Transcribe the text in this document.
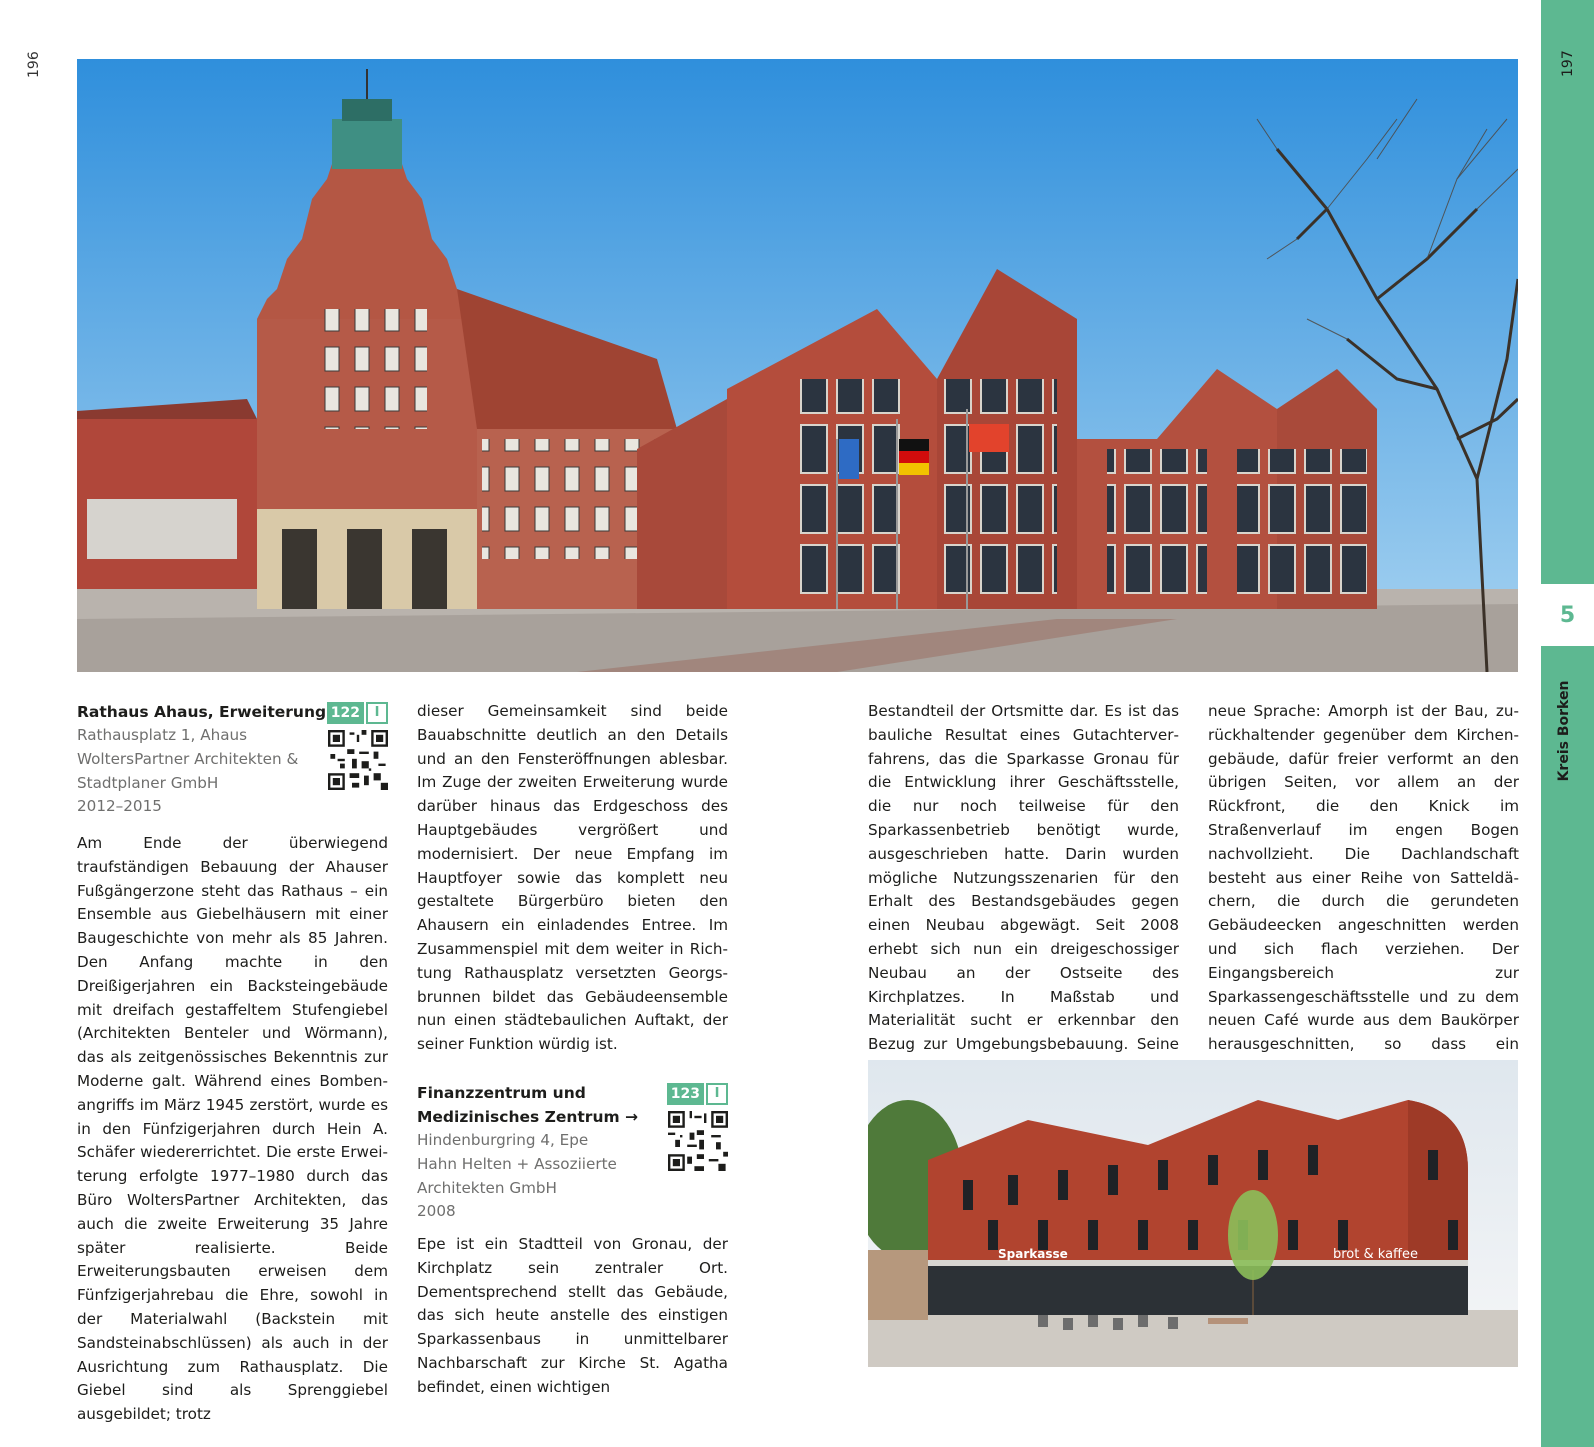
196	197
5
Kreis Borken
Rathaus Ahaus, Erweiterung
Rathausplatz 1, Ahaus
WoltersPartner Architekten &
Stadtplaner GmbH
2012–2015
122	I

Am Ende der überwiegend traufständigen Bebauung der Ahauser Fußgängerzone steht das Rathaus – ein Ensemble aus Giebelhäusern mit einer Baugeschichte von mehr als 85 Jahren. Den Anfang machte in den Dreißigerjahren ein Backsteingebäude mit dreifach gestaffeltem Stufengiebel (Architekten Benteler und Wörmann), das als zeitgenössisches Bekenntnis zur Moderne galt. Während eines Bombenangriffs im März 1945 zerstört, wurde es in den Fünfzigerjahren durch Hein A. Schäfer wiedererrichtet. Die erste Erweiterung erfolgte 1977–1980 durch das Büro WoltersPartner Architekten, das auch die zweite Erweiterung 35 Jahre später realisierte. Beide Erweiterungsbauten erweisen dem Fünfzigerjahrebau die Ehre, sowohl in der Materialwahl (Backstein mit Sandsteinabschlüssen) als auch in der Ausrichtung zum Rathausplatz. Die Giebel sind als Sprenggiebel ausgebildet; trotz

dieser Gemeinsamkeit sind beide Bauabschnitte deutlich an den Details und an den Fensteröffnungen ablesbar. Im Zuge der zweiten Erweiterung wurde darüber hinaus das Erdgeschoss des Hauptgebäudes vergrößert und modernisiert. Der neue Empfang im Hauptfoyer sowie das komplett neu gestaltete Bürgerbüro bieten den Ahausern ein einladendes Entree. Im Zusammenspiel mit dem weiter in Richtung Rathausplatz versetzten Georgsbrunnen bildet das Gebäudeensemble nun einen städtebaulichen Auftakt, der seiner Funktion würdig ist.

Finanzzentrum und
Medizinisches Zentrum →
Hindenburgring 4, Epe
Hahn Helten + Assoziierte
Architekten GmbH
2008
123	I

Epe ist ein Stadtteil von Gronau, der Kirchplatz sein zentraler Ort. Dementsprechend stellt das Gebäude, das sich heute anstelle des einstigen Sparkassenbaus in unmittelbarer Nachbarschaft zur Kirche St. Agatha befindet, einen wichtigen

Bestandteil der Ortsmitte dar. Es ist das bauliche Resultat eines Gutachterverfahrens, das die Sparkasse Gronau für die Entwicklung ihrer Geschäftsstelle, die nur noch teilweise für den Sparkassenbetrieb benötigt wurde, ausgeschrieben hatte. Darin wurden mögliche Nutzungsszenarien für den Erhalt des Bestandsgebäudes gegen einen Neubau abgewägt. Seit 2008 erhebt sich nun ein dreigeschossiger Neubau an der Ostseite des Kirchplatzes. In Maßstab und Materialität sucht er erkennbar den Bezug zur Umgebungsbebauung. Seine

neue Sprache: Amorph ist der Bau, zurückhaltender gegenüber dem Kirchengebäude, dafür freier verformt an den übrigen Seiten, vor allem an der Rückfront, die den Knick im Straßenverlauf im engen Bogen nachvollzieht. Die Dachlandschaft besteht aus einer Reihe von Satteldächern, die durch die gerundeten Gebäudeecken angeschnitten werden und sich flach verziehen. Der Eingangsbereich zur Sparkassengeschäftsstelle und zu dem neuen Café wurde aus dem Baukörper herausgeschnitten, so dass ein

Sparkasse	brot & kaffee
